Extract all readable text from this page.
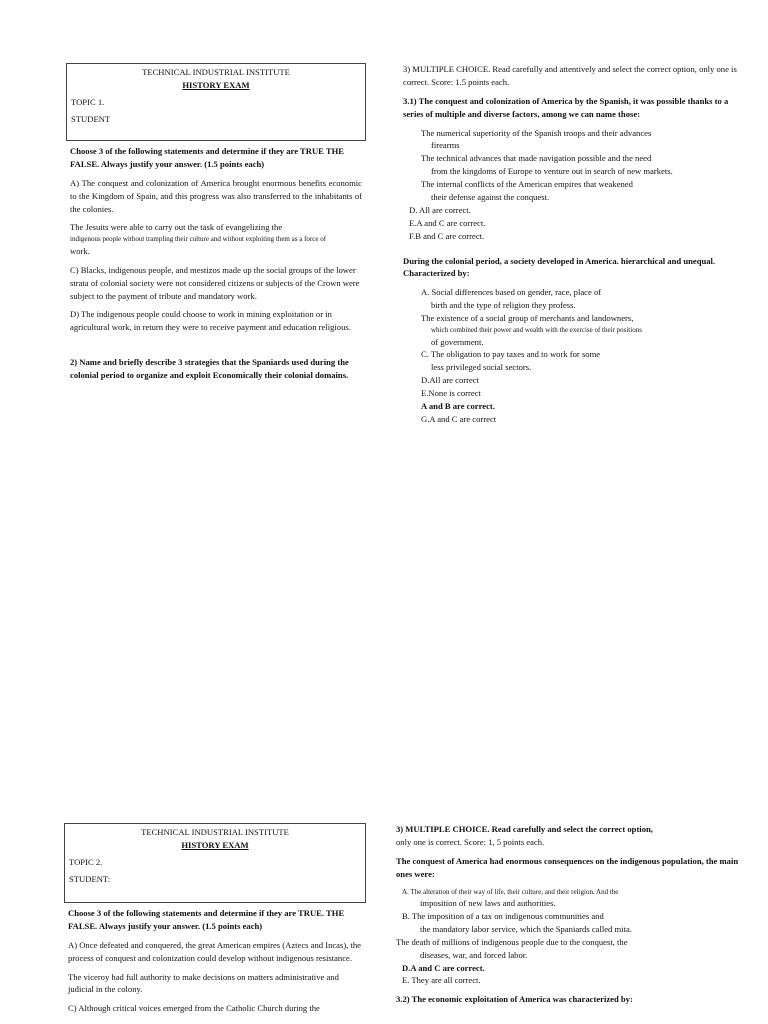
TECHNICAL INDUSTRIAL INSTITUTE
HISTORY EXAM
TOPIC 1.
STUDENT

Choose 3 of the following statements and determine if they are TRUE THE FALSE. Always justify your answer. (1.5 points each)

A) The conquest and colonization of America brought enormous benefits economic to the Kingdom of Spain, and this progress was also transferred to the inhabitants of the colonies.

The Jesuits were able to carry out the task of evangelizing the

indigenous people without trampling their culture and without exploiting them as a force of

work.

C) Blacks, indigenous people, and mestizos made up the social groups of the lower strata of colonial society were not considered citizens or subjects of the Crown were subject to the payment of tribute and mandatory work.

D) The indigenous people could choose to work in mining exploitation or in agricultural work, in return they were to receive payment and education religious.

2) Name and briefly describe 3 strategies that the Spaniards used during the colonial period to organize and exploit Economically their colonial domains.

3) MULTIPLE CHOICE. Read carefully and attentively and select the correct option, only one is correct. Score: 1.5 points each.

3.1) The conquest and colonization of America by the Spanish, it was possible thanks to a series of multiple and diverse factors, among we can name those:

The numerical superiority of the Spanish troops and their advances
firearms
The technical advances that made navigation possible and the need
from the kingdoms of Europe to venture out in search of new markets.
The internal conflicts of the American empires that weakened
their defense against the conquest.
D. All are correct.
E.A and C are correct.
F.B and C are correct.

During the colonial period, a society developed in America. hierarchical and unequal. Characterized by:

A. Social differences based on gender, race, place of
birth and the type of religion they profess.
The existence of a social group of merchants and landowners,
which combined their power and wealth with the exercise of their positions
of government.
C. The obligation to pay taxes and to work for some
less privileged social sectors.
D.All are correct
E.None is correct
A and B are correct.
G.A and C are correct
TECHNICAL INDUSTRIAL INSTITUTE
HISTORY EXAM
TOPIC 2.
STUDENT:

Choose 3 of the following statements and determine if they are TRUE. THE FALSE. Always justify your answer. (1.5 points each)

A) Once defeated and conquered, the great American empires (Aztecs and Incas), the process of conquest and colonization could develop without indigenous resistance.

The viceroy had full authority to make decisions on matters administrative and judicial in the colony.

C) Although critical voices emerged from the Catholic Church during the

3) MULTIPLE CHOICE. Read carefully and select the correct option,

only one is correct. Score: 1, 5 points each.

The conquest of America had enormous consequences on the indigenous population, the main ones were:

A. The alteration of their way of life, their culture, and their religion. And the
imposition of new laws and authorities.
B. The imposition of a tax on indigenous communities and
the mandatory labor service, which the Spaniards called mita.
The death of millions of indigenous people due to the conquest, the
diseases, war, and forced labor.
D.A and C are correct.
E. They are all correct.
3.2) The economic exploitation of America was characterized by:
